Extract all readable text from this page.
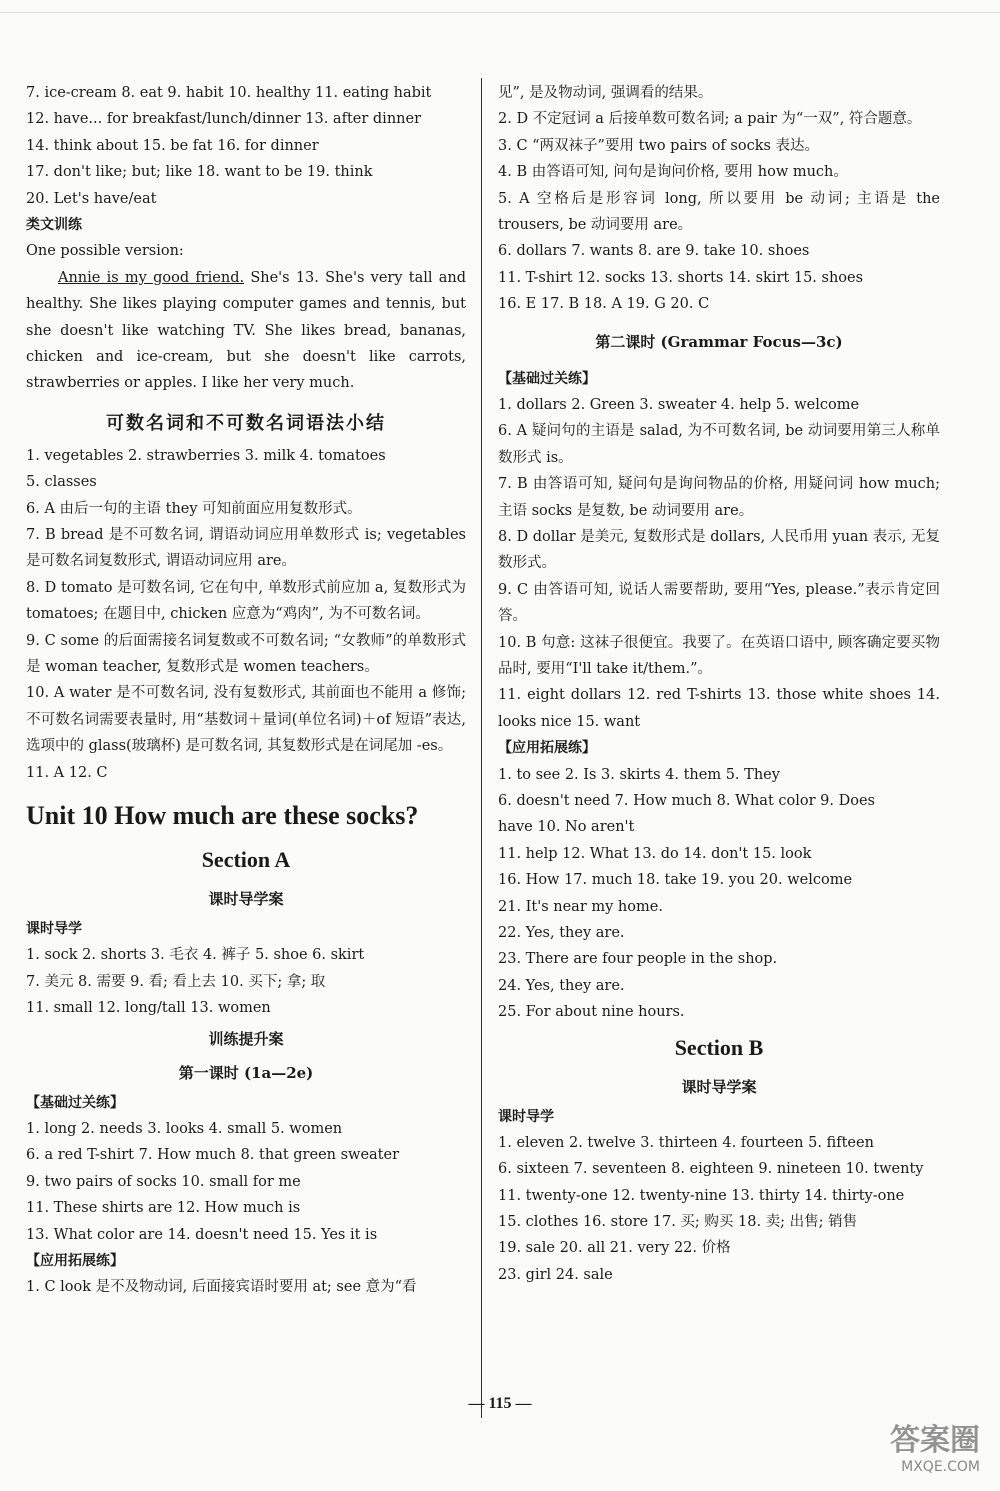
7. ice-cream 8. eat 9. habit 10. healthy 11. eating habit
12. have... for breakfast/lunch/dinner 13. after dinner
14. think about 15. be fat 16. for dinner
17. don't like; but; like 18. want to be 19. think
20. Let's have/eat
类文训练
One possible version:
Annie is my good friend. She's 13. She's very tall and healthy. She likes playing computer games and tennis, but she doesn't like watching TV. She likes bread, bananas, chicken and ice-cream, but she doesn't like carrots, strawberries or apples. I like her very much.
可数名词和不可数名词语法小结
1. vegetables 2. strawberries 3. milk 4. tomatoes
5. classes
6. A 由后一句的主语 they 可知前面应用复数形式。
7. B bread 是不可数名词, 谓语动词应用单数形式 is; vegetables 是可数名词复数形式, 谓语动词应用 are。
8. D tomato 是可数名词, 它在句中, 单数形式前应加 a, 复数形式为 tomatoes; 在题目中, chicken 应意为“鸡肉”, 为不可数名词。
9. C some 的后面需接名词复数或不可数名词; “女教师”的单数形式是 woman teacher, 复数形式是 women teachers。
10. A water 是不可数名词, 没有复数形式, 其前面也不能用 a 修饰; 不可数名词需要表量时, 用“基数词＋量词(单位名词)＋of 短语”表达, 选项中的 glass(玻璃杯) 是可数名词, 其复数形式是在词尾加 -es。
11. A 12. C
Unit 10 How much are these socks?
Section A
课时导学案
课时导学
1. sock 2. shorts 3. 毛衣 4. 裤子 5. shoe 6. skirt
7. 美元 8. 需要 9. 看; 看上去 10. 买下; 拿; 取
11. small 12. long/tall 13. women
训练提升案
第一课时 (1a—2e)
【基础过关练】
1. long 2. needs 3. looks 4. small 5. women
6. a red T-shirt 7. How much 8. that green sweater
9. two pairs of socks 10. small for me
11. These shirts are 12. How much is
13. What color are 14. doesn't need 15. Yes it is
【应用拓展练】
1. C look 是不及物动词, 后面接宾语时要用 at; see 意为“看
见”, 是及物动词, 强调看的结果。
2. D 不定冠词 a 后接单数可数名词; a pair 为“一双”, 符合题意。
3. C “两双袜子”要用 two pairs of socks 表达。
4. B 由答语可知, 问句是询问价格, 要用 how much。
5. A 空格后是形容词 long, 所以要用 be 动词; 主语是 the trousers, be 动词要用 are。
6. dollars 7. wants 8. are 9. take 10. shoes
11. T-shirt 12. socks 13. shorts 14. skirt 15. shoes
16. E 17. B 18. A 19. G 20. C
第二课时 (Grammar Focus—3c)
【基础过关练】
1. dollars 2. Green 3. sweater 4. help 5. welcome
6. A 疑问句的主语是 salad, 为不可数名词, be 动词要用第三人称单数形式 is。
7. B 由答语可知, 疑问句是询问物品的价格, 用疑问词 how much; 主语 socks 是复数, be 动词要用 are。
8. D dollar 是美元, 复数形式是 dollars, 人民币用 yuan 表示, 无复数形式。
9. C 由答语可知, 说话人需要帮助, 要用“Yes, please.”表示肯定回答。
10. B 句意: 这袜子很便宜。我要了。在英语口语中, 顾客确定要买物品时, 要用“I'll take it/them.”。
11. eight dollars 12. red T-shirts 13. those white shoes 14. looks nice 15. want
【应用拓展练】
1. to see 2. Is 3. skirts 4. them 5. They
6. doesn't need 7. How much 8. What color 9. Does
have 10. No aren't
11. help 12. What 13. do 14. don't 15. look
16. How 17. much 18. take 19. you 20. welcome
21. It's near my home.
22. Yes, they are.
23. There are four people in the shop.
24. Yes, they are.
25. For about nine hours.
Section B
课时导学案
课时导学
1. eleven 2. twelve 3. thirteen 4. fourteen 5. fifteen
6. sixteen 7. seventeen 8. eighteen 9. nineteen 10. twenty
11. twenty-one 12. twenty-nine 13. thirty 14. thirty-one
15. clothes 16. store 17. 买; 购买 18. 卖; 出售; 销售
19. sale 20. all 21. very 22. 价格
23. girl 24. sale
— 115 —
答案圈
MXQE.COM
